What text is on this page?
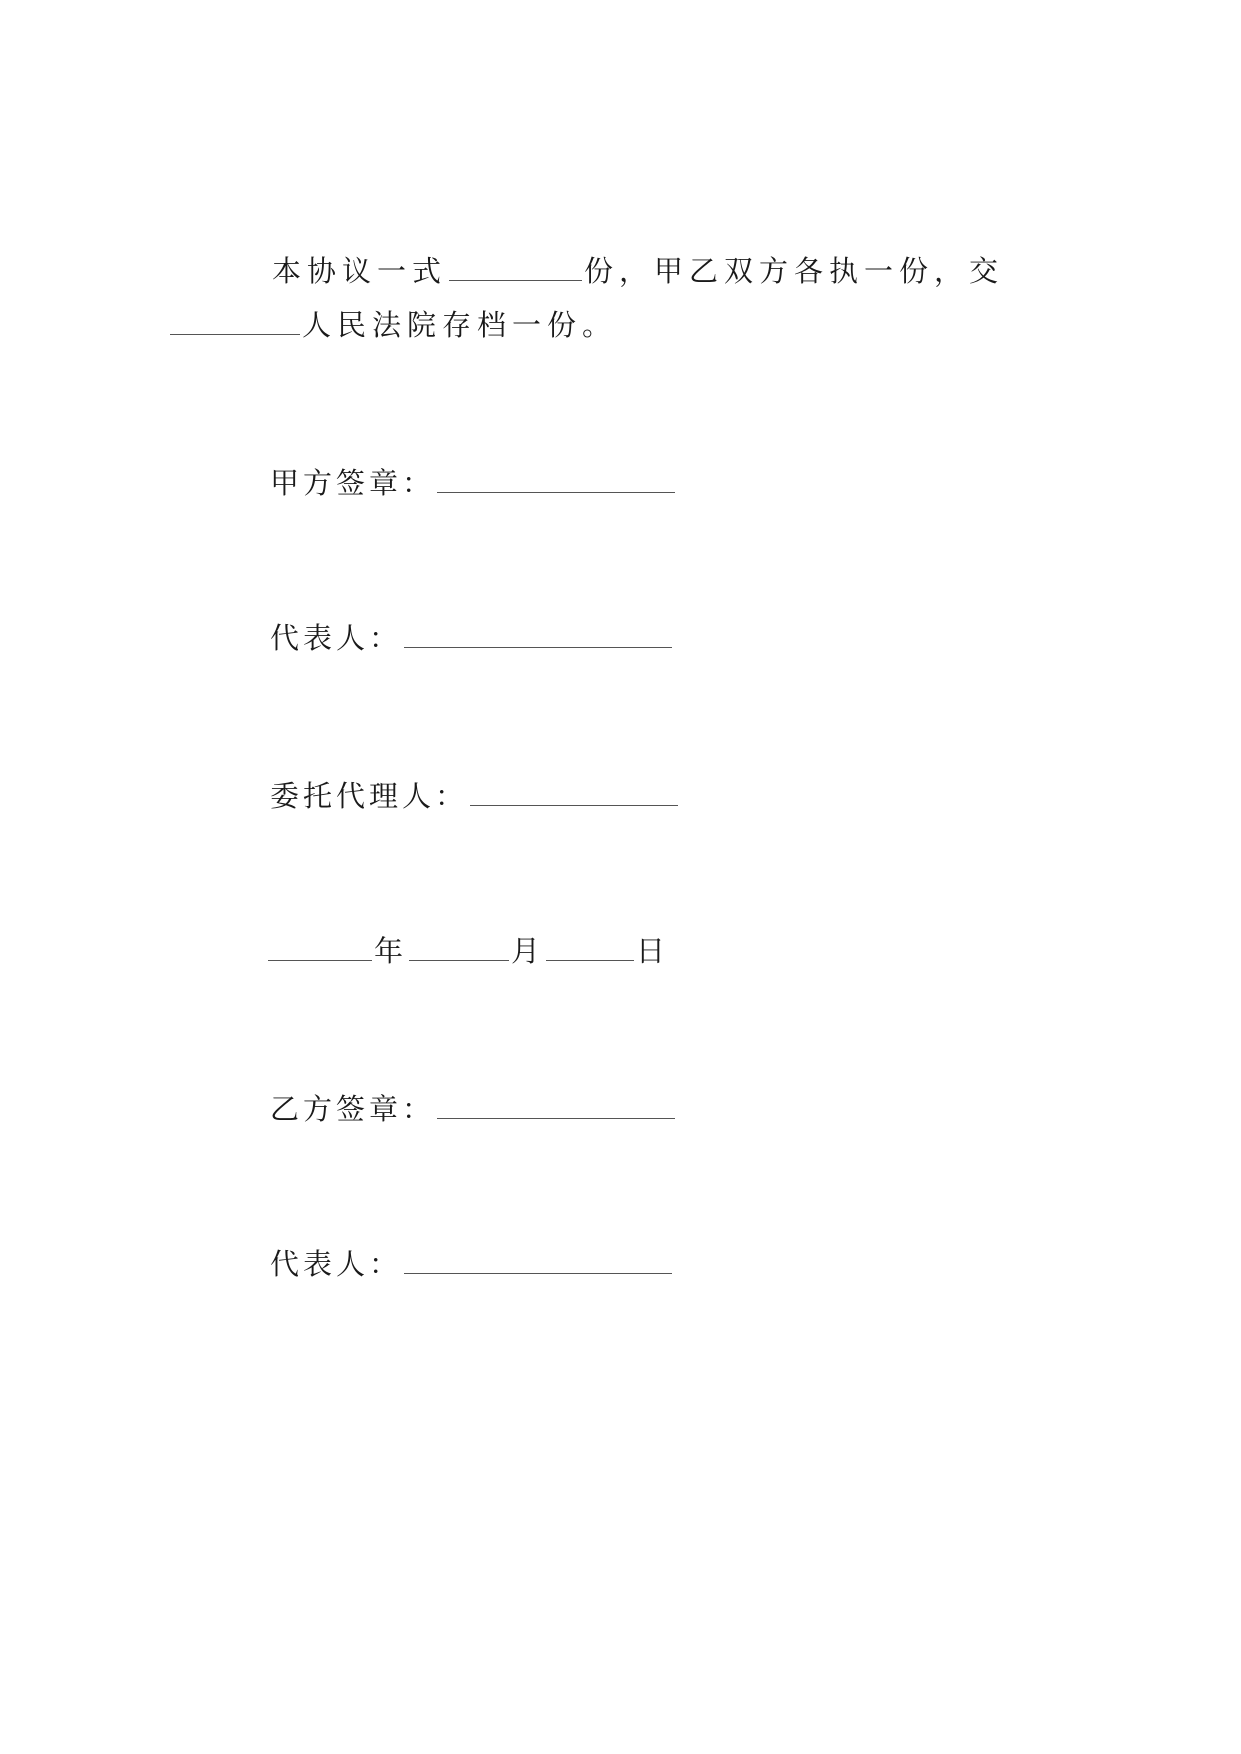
本协议一式	份，甲乙双方各执一份，交
人民法院存档一份。
甲方签章：
代表人：
委托代理人：
年	月	日
乙方签章：
代表人：
